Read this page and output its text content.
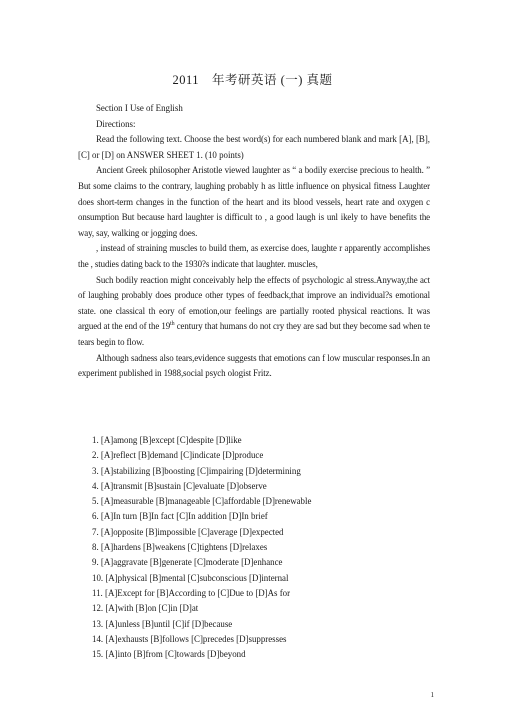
2011　年考研英语 (一) 真题

Section I Use of English

Directions:

Read the following text. Choose the best word(s) for each numbered blank and mark [A], [B], [C] or [D] on ANSWER SHEET 1. (10 points)

Ancient Greek philosopher Aristotle viewed laughter as “ a bodily exercise precious to health. ” But some claims to the contrary, laughing probably h as little influence on physical fitness Laughter does short-term changes in the function of the heart and its blood vessels, heart rate and oxygen c onsumption But because hard laughter is difficult to , a good laugh is unl ikely to have benefits the way, say, walking or jogging does.

, instead of straining muscles to build them, as exercise does, laughte r apparently accomplishes the , studies dating back to the 1930?s indicate that laughter. muscles,

Such bodily reaction might conceivably help the effects of psychologic al stress.Anyway,the act of laughing probably does produce other types of feedback,that improve an individual?s emotional state. one classical th eory of emotion,our feelings are partially rooted physical reactions. It was argued at the end of the 19th century that humans do not cry they are sad but they become sad when te tears begin to flow.

Although sadness also tears,evidence suggests that emotions can f low muscular responses.In an experiment published in 1988,social psych ologist Fritz.

1. [A]among [B]except [C]despite [D]like
2. [A]reflect [B]demand [C]indicate [D]produce
3. [A]stabilizing [B]boosting [C]impairing [D]determining
4. [A]transmit [B]sustain [C]evaluate [D]observe
5. [A]measurable [B]manageable [C]affordable [D]renewable
6. [A]In turn [B]In fact [C]In addition [D]In brief
7. [A]opposite [B]impossible [C]average [D]expected
8. [A]hardens [B]weakens [C]tightens [D]relaxes
9. [A]aggravate [B]generate [C]moderate [D]enhance
10. [A]physical [B]mental [C]subconscious [D]internal
11. [A]Except for [B]According to [C]Due to [D]As for
12. [A]with [B]on [C]in [D]at
13. [A]unless [B]until [C]if [D]because
14. [A]exhausts [B]follows [C]precedes [D]suppresses
15. [A]into [B]from [C]towards [D]beyond
1
